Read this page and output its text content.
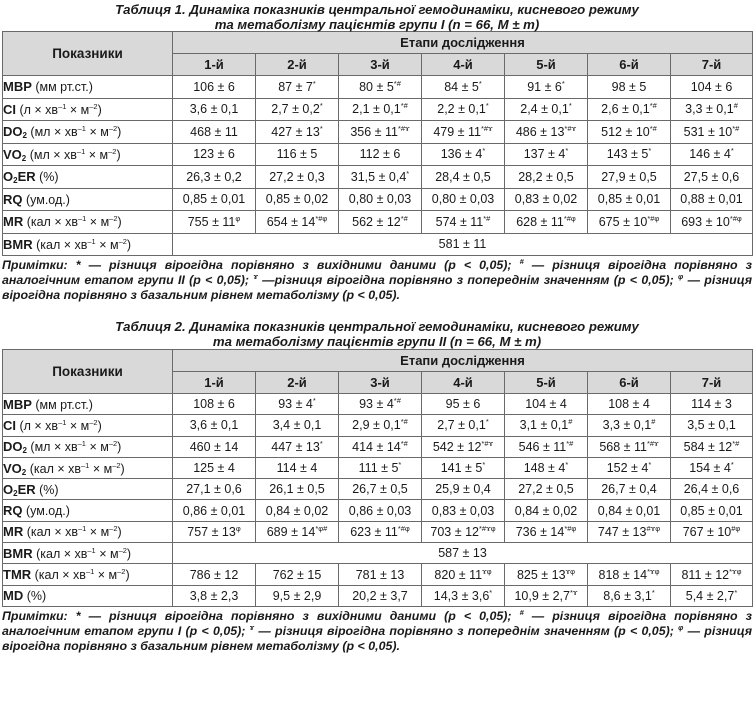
Таблиця 1. Динаміка показників центральної гемодинаміки, кисневого режиму
та метаболізму пацієнтів групи I (n = 66, M ± m)
Показники	Етапи дослідження						
	1-й	2-й	3-й	4-й	5-й	6-й	7-й
МВР (мм рт.ст.)	106 ± 6	87 ± 7*	80 ± 5*#	84 ± 5*	91 ± 6*	98 ± 5	104 ± 6
CI $(л \times хв^{-1} \times м^{-2})$	3,6 ± 0,1	2,7 ± 0,2*	2,1 ± 0,1*#	2,2 ± 0,1*	2,4 ± 0,1*	2,6 ± 0,1*#	3,3 ± 0,1#
$DO_2$ $(мл \times хв^{-1} \times м^{-2})$	468 ± 11	427 ± 13*	$356 \pm 11^{*\#ɤ}$	$479 \pm 11^{*\#ɤ}$	$486 \pm 13^{*\#ɤ}$	512 ± 10*#	531 ± 10*#
$VO_2$ $(мл \times хв^{-1} \times м^{-2})$	123 ± 6	116 ± 5	112 ± 6	136 ± 4*	137 ± 4*	143 ± 5*	146 ± 4*
$O_2ER$ (%)	26,3 ± 0,2	27,2 ± 0,3	31,5 ± 0,4*	28,4 ± 0,5	28,2 ± 0,5	27,9 ± 0,5	27,5 ± 0,6
RQ (ум.од.)	0,85 ± 0,01	0,85 ± 0,02	0,80 ± 0,03	0,80 ± 0,03	0,83 ± 0,02	0,85 ± 0,01	0,88 ± 0,01
MR $(кал \times хв^{-1} \times м^{-2})$	$755 \pm 11^\varphi$	$654 \pm 14^{*\#\varphi}$	562 ± 12*#	574 ± 11*#	$628 \pm 11^{*\#\varphi}$	$675 \pm 10^{*\#\varphi}$	$693 \pm 10^{*\#\varphi}$
BMR $(кал \times хв^{-1} \times м^{-2})$	581 ± 11						
Примітки: * — різниця вірогідна порівняно з вихідними даними (р < 0,05); # — різниця вірогідна порівняно з аналогічним етапом групи II (р < 0,05); $^ɤ$ —різниця вірогідна порівняно з попереднім значенням (р < 0,05); $^\varphi$ — різниця вірогідна порівняно з базальним рівнем метаболізму (р < 0,05).
Таблиця 2. Динаміка показників центральної гемодинаміки, кисневого режиму
та метаболізму пацієнтів групи II (n = 66, M ± m)
Показники	Етапи дослідження						
	1-й	2-й	3-й	4-й	5-й	6-й	7-й
МВР (мм рт.ст.)	108 ± 6	93 ± 4*	93 ± 4*#	95 ± 6	104 ± 4	108 ± 4	114 ± 3
CI $(л \times хв^{-1} \times м^{-2})$	3,6 ± 0,1	3,4 ± 0,1	2,9 ± 0,1*#	2,7 ± 0,1*	3,1 ± 0,1#	3,3 ± 0,1#	3,5 ± 0,1
$DO_2$ $(мл \times хв^{-1} \times м^{-2})$	460 ± 14	447 ± 13*	414 ± 14*#	$542 \pm 12^{*\#ɤ}$	546 ± 11*#	$568 \pm 11^{*\#ɤ}$	584 ± 12*#
$VO_2$ $(кал \times хв^{-1} \times м^{-2})$	125 ± 4	114 ± 4	111 ± 5*	141 ± 5*	148 ± 4*	152 ± 4*	154 ± 4*
$O_2ER$ (%)	27,1 ± 0,6	26,1 ± 0,5	26,7 ± 0,5	25,9 ± 0,4	27,2 ± 0,5	26,7 ± 0,4	26,4 ± 0,6
RQ (ум.од.)	0,86 ± 0,01	0,84 ± 0,02	0,86 ± 0,03	0,83 ± 0,03	0,84 ± 0,02	0,84 ± 0,01	0,85 ± 0,01
MR $(кал \times хв^{-1} \times м^{-2})$	$757 \pm 13^\varphi$	$689 \pm 14^{*\varphi\#}$	$623 \pm 11^{*\#\varphi}$	$703 \pm 12^{*\#ɤ\varphi}$	$736 \pm 14^{*\#\varphi}$	$747 \pm 13^{\#ɤ\varphi}$	$767 \pm 10^{\#\varphi}$
BMR $(кал \times хв^{-1} \times м^{-2})$	587 ± 13						
TMR $(кал \times хв^{-1} \times м^{-2})$	786 ± 12	762 ± 15	781 ± 13	$820 \pm 11^{ɤ\varphi}$	$825 \pm 13^{ɤ\varphi}$	$818 \pm 14^{*ɤ\varphi}$	$811 \pm 12^{*ɤ\varphi}$
MD (%)	3,8 ± 2,3	9,5 ± 2,9	20,2 ± 3,7	14,3 ± 3,6*	$10,9 \pm 2,7^{*ɤ}$	8,6 ± 3,1*	5,4 ± 2,7*
Примітки: * — різниця вірогідна порівняно з вихідними даними (р < 0,05); # — різниця вірогідна порівняно з аналогічним етапом групи I (р < 0,05); $^ɤ$ — різниця вірогідна порівняно з попереднім значенням (р < 0,05); $^\varphi$ — різниця вірогідна порівняно з базальним рівнем метаболізму (р < 0,05).
